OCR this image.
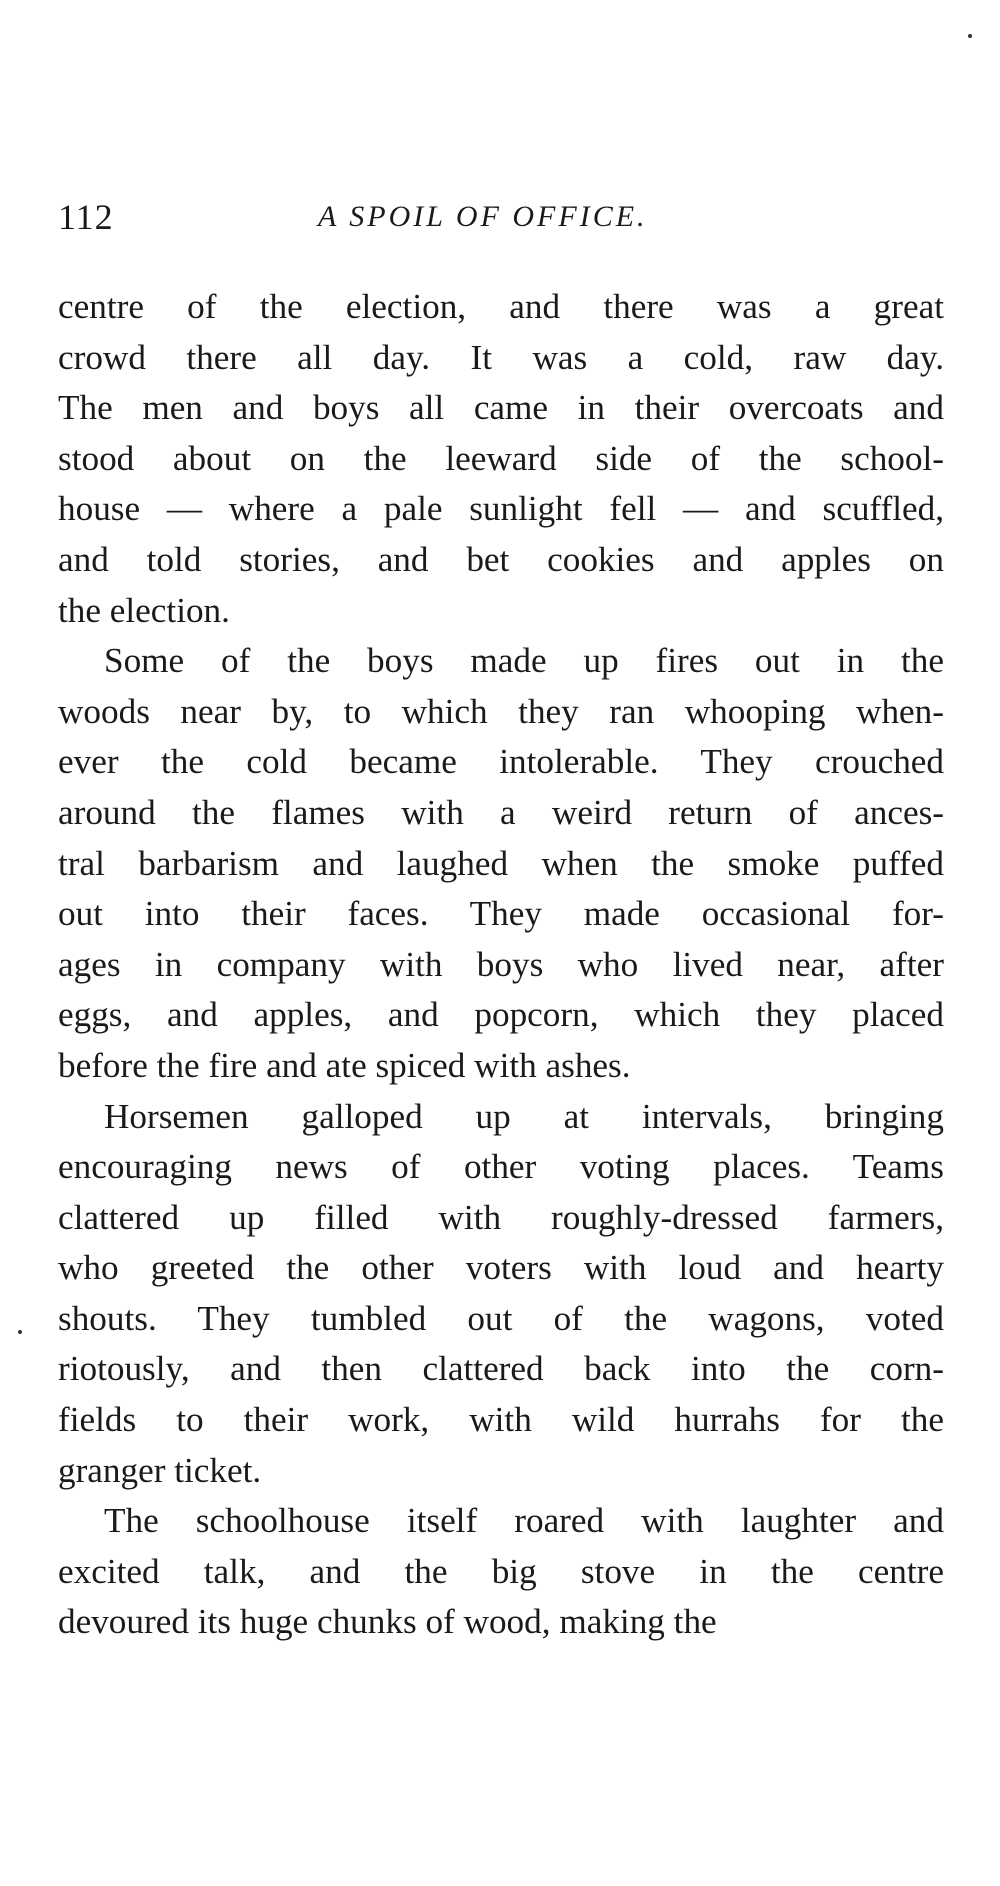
112	A SPOIL OF OFFICE.

centre of the election, and there was a great
crowd there all day. It was a cold, raw day.
The men and boys all came in their overcoats and
stood about on the leeward side of the school-
house — where a pale sunlight fell — and scuffled,
and told stories, and bet cookies and apples on
the election.

Some of the boys made up fires out in the
woods near by, to which they ran whooping when-
ever the cold became intolerable. They crouched
around the flames with a weird return of ances-
tral barbarism and laughed when the smoke puffed
out into their faces. They made occasional for-
ages in company with boys who lived near, after
eggs, and apples, and popcorn, which they placed
before the fire and ate spiced with ashes.

Horsemen galloped up at intervals, bringing
encouraging news of other voting places. Teams
clattered up filled with roughly-dressed farmers,
who greeted the other voters with loud and hearty
shouts. They tumbled out of the wagons, voted
riotously, and then clattered back into the corn-
fields to their work, with wild hurrahs for the
granger ticket.

The schoolhouse itself roared with laughter and
excited talk, and the big stove in the centre
devoured its huge chunks of wood, making the
